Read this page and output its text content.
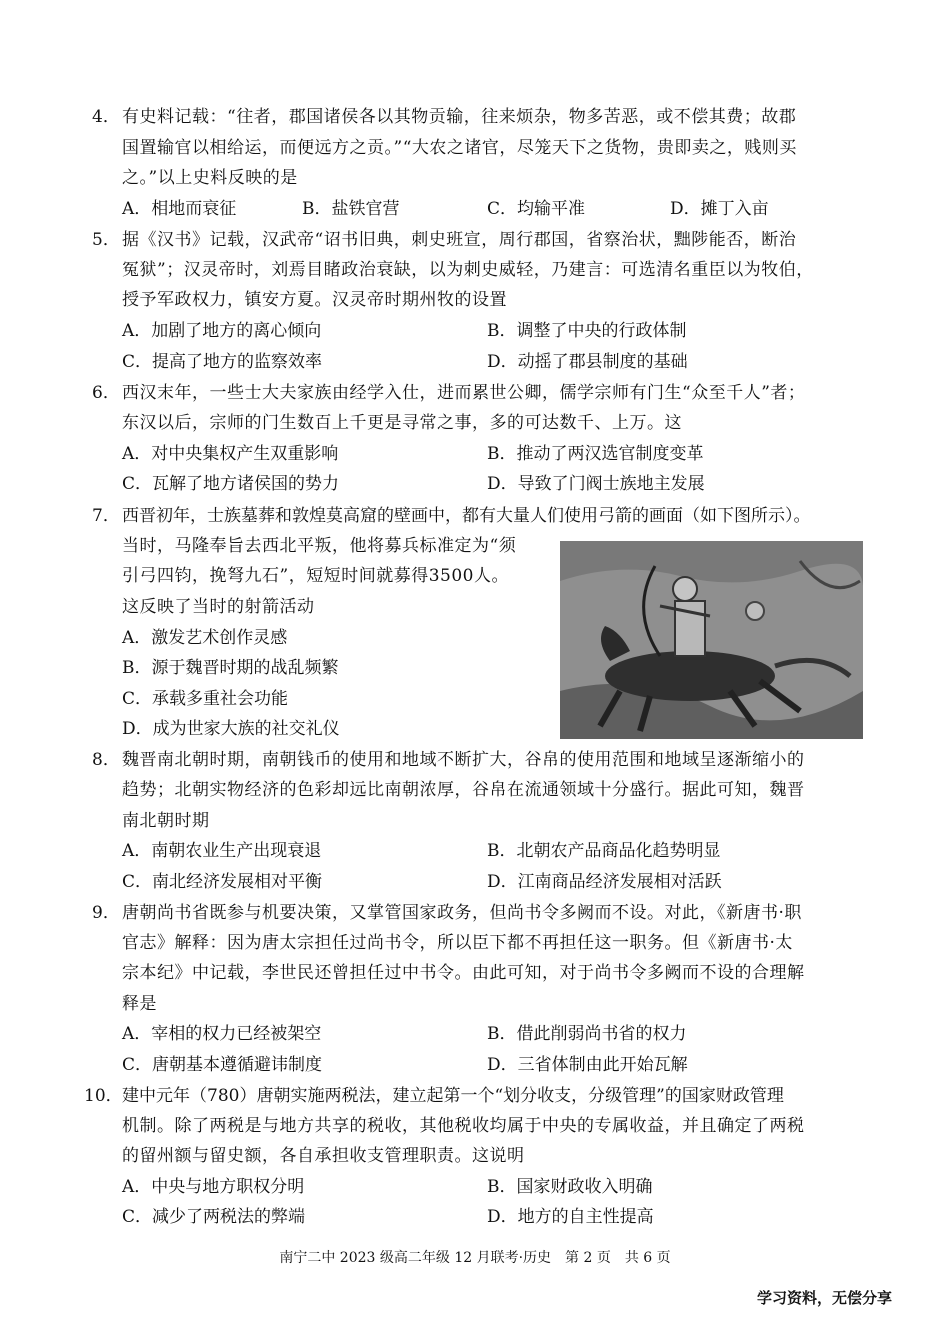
4． 有史料记载：“往者，郡国诸侯各以其物贡输，往来烦杂，物多苦恶，或不偿其费；故郡
国置输官以相给运，而便远方之贡。”“大农之诸官，尽笼天下之货物，贵即卖之，贱则买
之。”以上史料反映的是
A．相地而衰征	B．盐铁官营	C．均输平准	D．摊丁入亩
5． 据《汉书》记载，汉武帝“诏书旧典，刺史班宣，周行郡国，省察治状，黜陟能否，断治
冤狱”；汉灵帝时，刘焉目睹政治衰缺，以为刺史威轻，乃建言：可选清名重臣以为牧伯，
授予军政权力，镇安方夏。汉灵帝时期州牧的设置
A．加剧了地方的离心倾向	B．调整了中央的行政体制
C．提高了地方的监察效率	D．动摇了郡县制度的基础
6． 西汉末年，一些士大夫家族由经学入仕，进而累世公卿，儒学宗师有门生“众至千人”者；
东汉以后，宗师的门生数百上千更是寻常之事，多的可达数千、上万。这
A．对中央集权产生双重影响	B．推动了两汉选官制度变革
C．瓦解了地方诸侯国的势力	D．导致了门阀士族地主发展
7． 西晋初年，士族墓葬和敦煌莫高窟的壁画中，都有大量人们使用弓箭的画面（如下图所示）。
当时，马隆奉旨去西北平叛，他将募兵标准定为“须
引弓四钧，挽弩九石”，短短时间就募得3500人。
这反映了当时的射箭活动
A．激发艺术创作灵感
B．源于魏晋时期的战乱频繁
C．承载多重社会功能
D．成为世家大族的社交礼仪
8． 魏晋南北朝时期，南朝钱币的使用和地域不断扩大，谷帛的使用范围和地域呈逐渐缩小的
趋势；北朝实物经济的色彩却远比南朝浓厚，谷帛在流通领域十分盛行。据此可知，魏晋
南北朝时期
A．南朝农业生产出现衰退	B．北朝农产品商品化趋势明显
C．南北经济发展相对平衡	D．江南商品经济发展相对活跃
9． 唐朝尚书省既参与机要决策，又掌管国家政务，但尚书令多阙而不设。对此，《新唐书·职
官志》解释：因为唐太宗担任过尚书令，所以臣下都不再担任这一职务。但《新唐书·太
宗本纪》中记载，李世民还曾担任过中书令。由此可知，对于尚书令多阙而不设的合理解
释是
A．宰相的权力已经被架空	B．借此削弱尚书省的权力
C．唐朝基本遵循避讳制度	D．三省体制由此开始瓦解
10． 建中元年（780）唐朝实施两税法，建立起第一个“划分收支，分级管理”的国家财政管理
机制。除了两税是与地方共享的税收，其他税收均属于中央的专属收益，并且确定了两税
的留州额与留史额，各自承担收支管理职责。这说明
A．中央与地方职权分明	B．国家财政收入明确
C．减少了两税法的弊端	D．地方的自主性提高
南宁二中 2023 级高二年级 12 月联考·历史　第 2 页　共 6 页
学习资料，无偿分享
